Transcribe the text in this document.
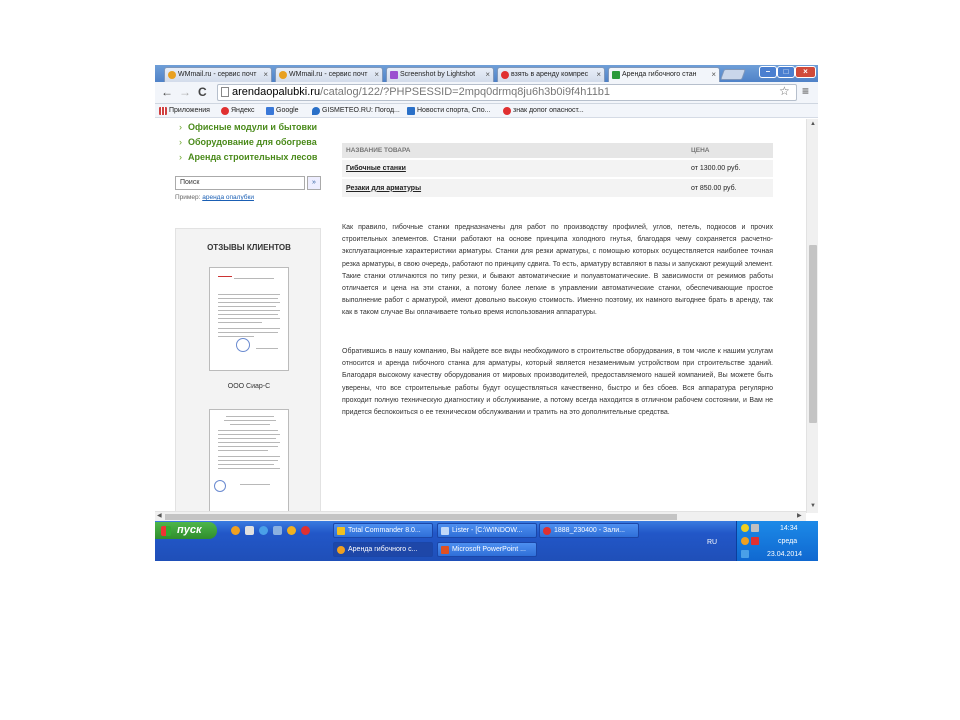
WMmail.ru - сервис почт ×	WMmail.ru - сервис почт ×	Screenshot by Lightshot	×	взять в аренду компрес	×	Аренда гибочного стан	×	–	□	×
← → C	arendaopalubki.ru/catalog/122/?PHPSESSID=2mpq0drmq8ju6h3b0i9f4h11b1	☆ ≡
Приложения	Яндекс	Google	GISMETEO.RU: Погод...	Новости спорта, Спо...	знак допог опасност...
› Офисные модули и бытовки
› Оборудование для обогрева
› Аренда строительных лесов
Поиск	»
Пример: аренда опалубки
ОТЗЫВЫ КЛИЕНТОВ
ООО Сиар-С
НАЗВАНИЕ ТОВАРА	ЦЕНА
Гибочные станки	от 1300.00 руб.
Резаки для арматуры	от 850.00 руб.

Как правило, гибочные станки предназначены для работ по производству профилей, углов, петель, подкосов и прочих строительных элементов. Станки работают на основе принципа холодного гнутья, благодаря чему сохраняется расчетно-эксплуатационные характеристики арматуры. Станки для резки арматуры, с помощью которых осуществляется наиболее точная резка арматуры, в свою очередь, работают по принципу сдвига. То есть, арматуру вставляют в пазы и запускают режущий элемент. Такие станки отличаются по типу резки, и бывают автоматические и полуавтоматические. В зависимости от режимов работы отличается и цена на эти станки, а потому более легкие в управлении автоматические станки, обеспечивающие простое выполнение работ с арматурой, имеют довольно высокую стоимость. Именно поэтому, их намного выгоднее брать в аренду, так как в таком случае Вы оплачиваете только время использования аппаратуры.

Обратившись в нашу компанию, Вы найдете все виды необходимого в строительстве оборудования, в том числе к нашим услугам относится и аренда гибочного станка для арматуры, который является незаменимым устройством при строительстве зданий. Благодаря высокому качеству оборудования от мировых производителей, предоставляемого нашей компанией, Вы можете быть уверены, что все строительные работы будут осуществляться качественно, быстро и без сбоев. Вся аппаратура регулярно проходит полную техническую диагностику и обслуживание, а потому всегда находится в отличном рабочем состоянии, и Вам не придется беспокоиться о ее техническом обслуживании и тратить на это дополнительные средства.

▲
▼
◀	▶
пуск	Total Commander 8.0...	Lister - [C:\WINDOW...	1888_230400 - Зали...
Аренда гибочного с...	Microsoft PowerPoint ...
RU
14:34
среда
23.04.2014
